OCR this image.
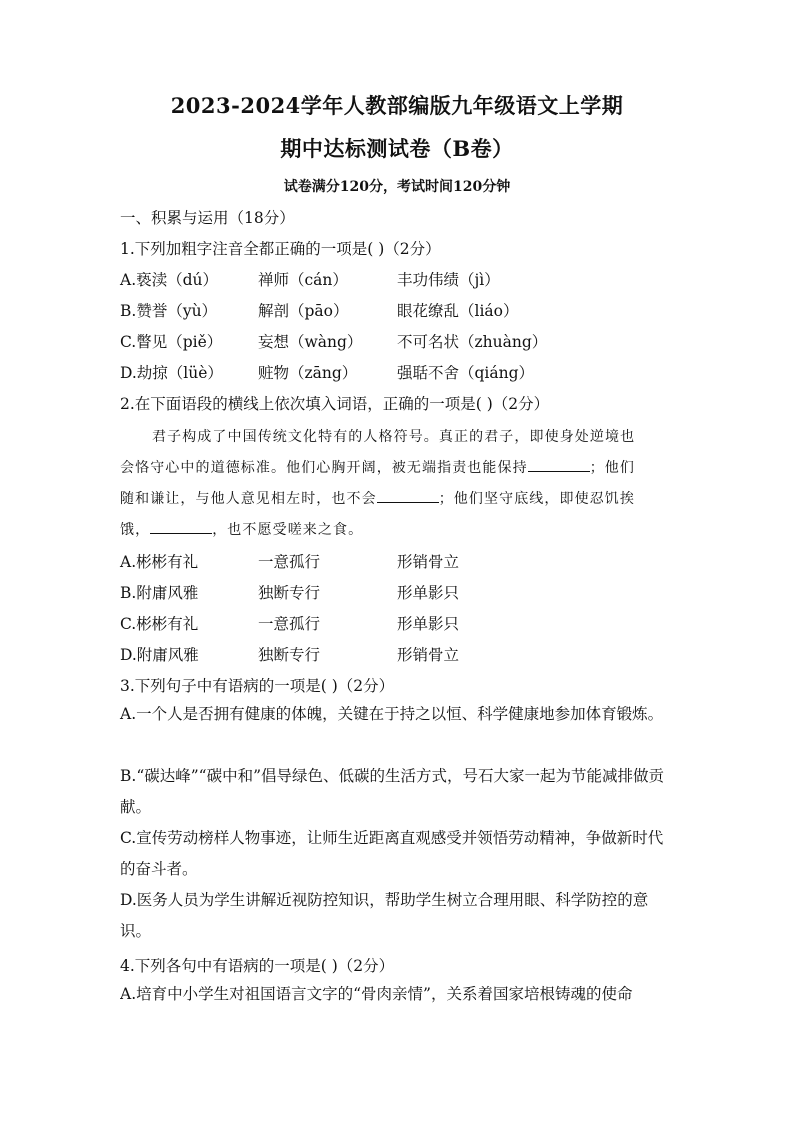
2023-2024学年人教部编版九年级语文上学期
期中达标测试卷（B卷）
试卷满分120分，考试时间120分钟
一、积累与运用（18分）
1.下列加粗字注音全都正确的一项是( )（2分）
A.亵渎（dú）	禅师（cán）	丰功伟绩（jì）
B.赞誉（yù）	解剖（pāo）	眼花缭乱（liáo）
C.瞥见（piě） 妄想（wàng） 不可名状（zhuàng）
D.劫掠（lüè） 赃物（zāng）	强聒不舍（qiáng）
2.在下面语段的横线上依次填入词语，正确的一项是( )（2分）
君子构成了中国传统文化特有的人格符号。真正的君子，即使身处逆境也
会恪守心中的道德标准。他们心胸开阔，被无端指责也能保持	；他们
随和谦让，与他人意见相左时，也不会	；他们坚守底线，即使忍饥挨
饿，	，也不愿受嗟来之食。
A.彬彬有礼	一意孤行	形销骨立
B.附庸风雅	独断专行	形单影只
C.彬彬有礼	一意孤行	形单影只
D.附庸风雅	独断专行	形销骨立
3.下列句子中有语病的一项是( )（2分）
A.一个人是否拥有健康的体魄，关键在于持之以恒、科学健康地参加体育锻炼。
B.“碳达峰”“碳中和”倡导绿色、低碳的生活方式，号石大家一起为节能减排做贡献。
C.宣传劳动榜样人物事迹，让师生近距离直观感受并领悟劳动精神，争做新时代的奋斗者。
D.医务人员为学生讲解近视防控知识，帮助学生树立合理用眼、科学防控的意识。
4.下列各句中有语病的一项是( )（2分）
A.培育中小学生对祖国语言文字的“骨肉亲情”，关系着国家培根铸魂的使命
